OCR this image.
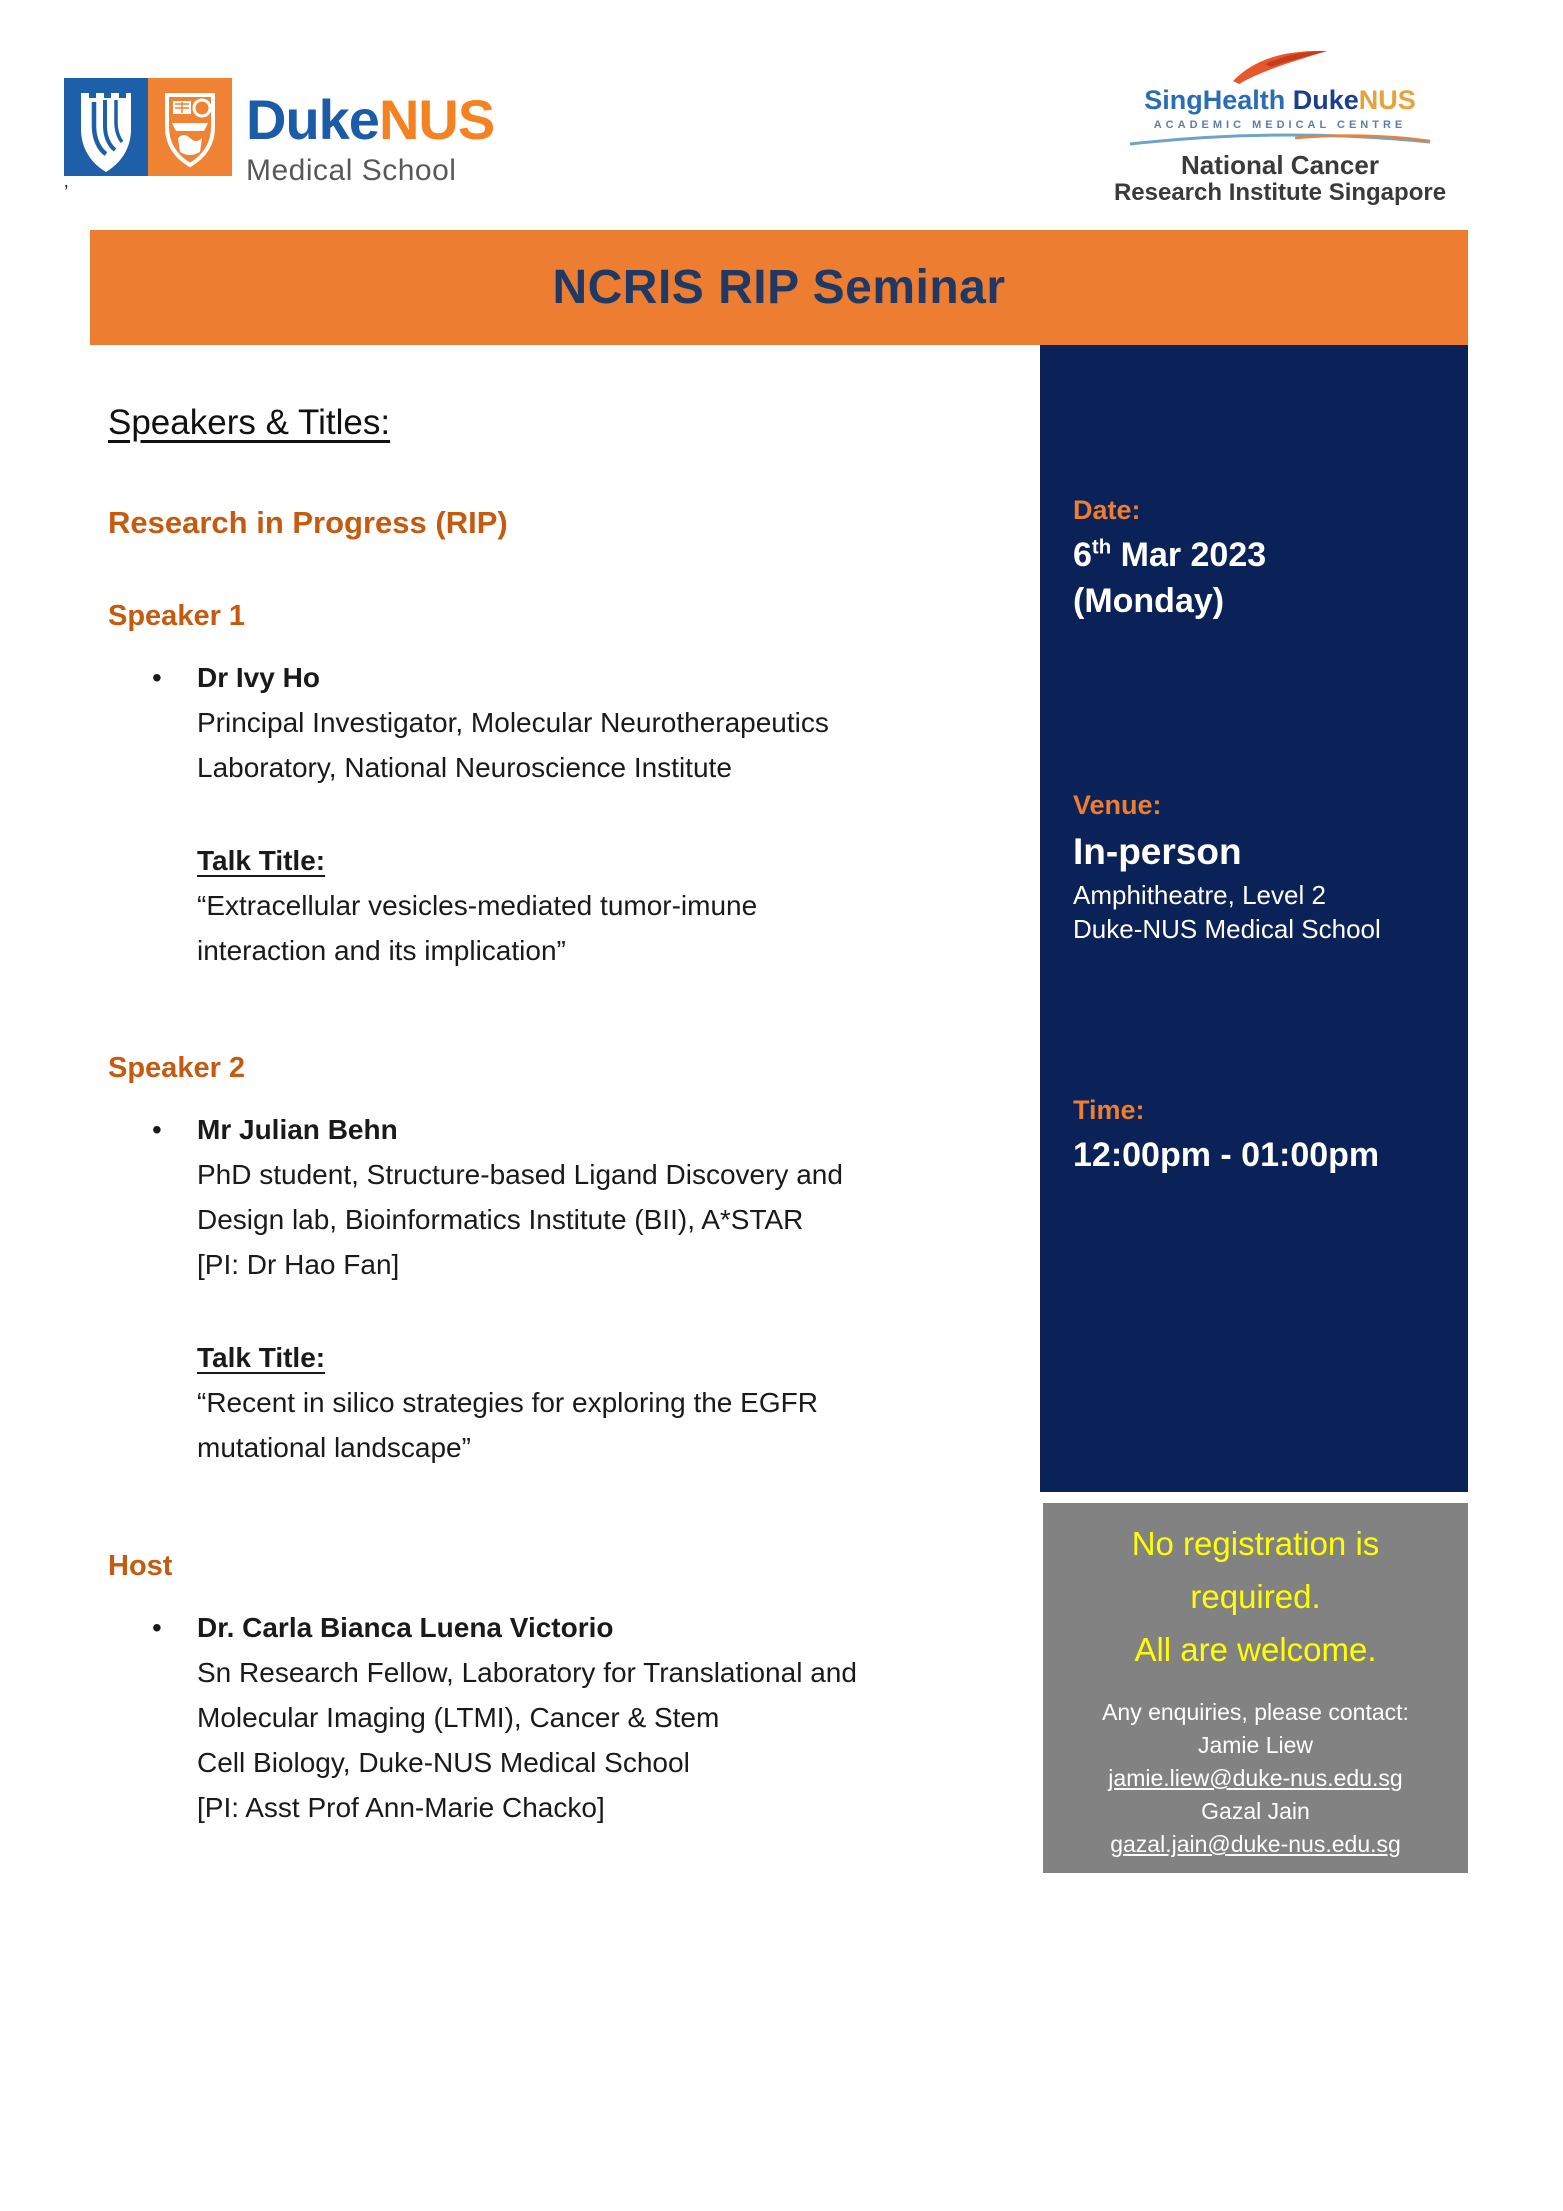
DukeNUS
Medical School
’
SingHealth DukeNUS
ACADEMIC MEDICAL CENTRE
National Cancer
Research Institute Singapore
NCRIS RIP Seminar
Speakers & Titles:
Research in Progress (RIP)
Speaker 1
• Dr Ivy Ho
Principal Investigator, Molecular Neurotherapeutics
Laboratory, National Neuroscience Institute
Talk Title:
“Extracellular vesicles-mediated tumor-imune
interaction and its implication”
Speaker 2
• Mr Julian Behn
PhD student, Structure-based Ligand Discovery and
Design lab, Bioinformatics Institute (BII), A*STAR
[PI: Dr Hao Fan]
Talk Title:
“Recent in silico strategies for exploring the EGFR
mutational landscape”
Host
• Dr. Carla Bianca Luena Victorio
Sn Research Fellow, Laboratory for Translational and
Molecular Imaging (LTMI), Cancer & Stem
Cell Biology, Duke-NUS Medical School
[PI: Asst Prof Ann-Marie Chacko]
Date:
6th Mar 2023
(Monday)
Venue:
In-person
Amphitheatre, Level 2
Duke-NUS Medical School
Time:
12:00pm - 01:00pm
No registration is
required.
All are welcome.
Any enquiries, please contact:
Jamie Liew
jamie.liew@duke-nus.edu.sg
Gazal Jain
gazal.jain@duke-nus.edu.sg
